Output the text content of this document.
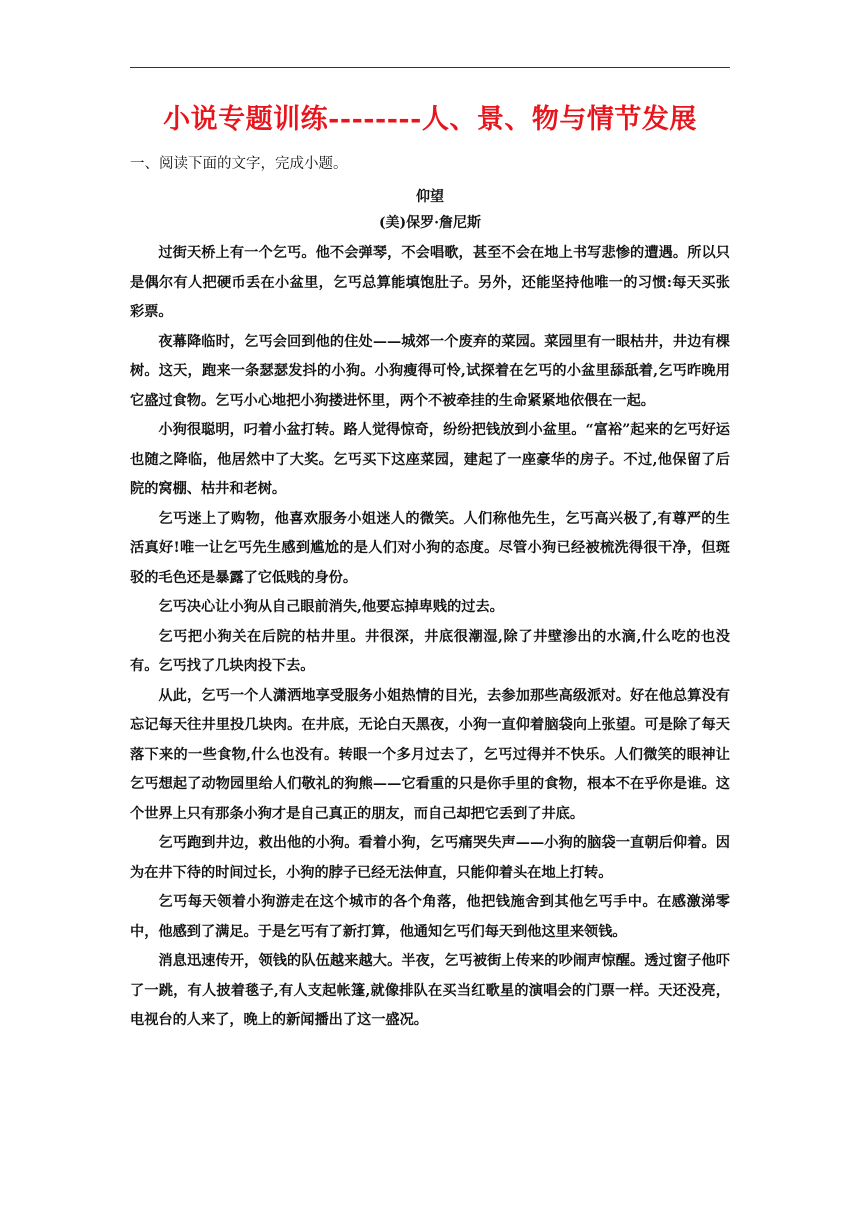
小说专题训练--------人、景、物与情节发展
一、阅读下面的文字，完成小题。
仰望
(美)保罗·詹尼斯

过街天桥上有一个乞丐。他不会弹琴，不会唱歌，甚至不会在地上书写悲惨的遭遇。所以只是偶尔有人把硬币丢在小盆里，乞丐总算能填饱肚子。另外，还能坚持他唯一的习惯:每天买张彩票。

夜幕降临时，乞丐会回到他的住处——城郊一个废弃的菜园。菜园里有一眼枯井，井边有棵树。这天，跑来一条瑟瑟发抖的小狗。小狗瘦得可怜,试探着在乞丐的小盆里舔舐着,乞丐昨晚用它盛过食物。乞丐小心地把小狗搂进怀里，两个不被牵挂的生命紧紧地依偎在一起。

小狗很聪明，叼着小盆打转。路人觉得惊奇，纷纷把钱放到小盆里。“富裕”起来的乞丐好运也随之降临，他居然中了大奖。乞丐买下这座菜园，建起了一座豪华的房子。不过,他保留了后院的窝棚、枯井和老树。

乞丐迷上了购物，他喜欢服务小姐迷人的微笑。人们称他先生，乞丐高兴极了,有尊严的生活真好!唯一让乞丐先生感到尴尬的是人们对小狗的态度。尽管小狗已经被梳洗得很干净，但斑驳的毛色还是暴露了它低贱的身份。

乞丐决心让小狗从自己眼前消失,他要忘掉卑贱的过去。

乞丐把小狗关在后院的枯井里。井很深，井底很潮湿,除了井壁渗出的水滴,什么吃的也没有。乞丐找了几块肉投下去。

从此，乞丐一个人潇洒地享受服务小姐热情的目光，去参加那些高级派对。好在他总算没有忘记每天往井里投几块肉。在井底，无论白天黑夜，小狗一直仰着脑袋向上张望。可是除了每天落下来的一些食物,什么也没有。转眼一个多月过去了，乞丐过得并不快乐。人们微笑的眼神让乞丐想起了动物园里给人们敬礼的狗熊——它看重的只是你手里的食物，根本不在乎你是谁。这个世界上只有那条小狗才是自己真正的朋友，而自己却把它丢到了井底。

乞丐跑到井边，救出他的小狗。看着小狗，乞丐痛哭失声——小狗的脑袋一直朝后仰着。因为在井下待的时间过长，小狗的脖子已经无法伸直，只能仰着头在地上打转。

乞丐每天领着小狗游走在这个城市的各个角落，他把钱施舍到其他乞丐手中。在感激涕零中，他感到了满足。于是乞丐有了新打算，他通知乞丐们每天到他这里来领钱。

消息迅速传开，领钱的队伍越来越大。半夜，乞丐被街上传来的吵闹声惊醒。透过窗子他吓了一跳，有人披着毯子,有人支起帐篷,就像排队在买当红歌星的演唱会的门票一样。天还没亮，电视台的人来了，晚上的新闻播出了这一盛况。
